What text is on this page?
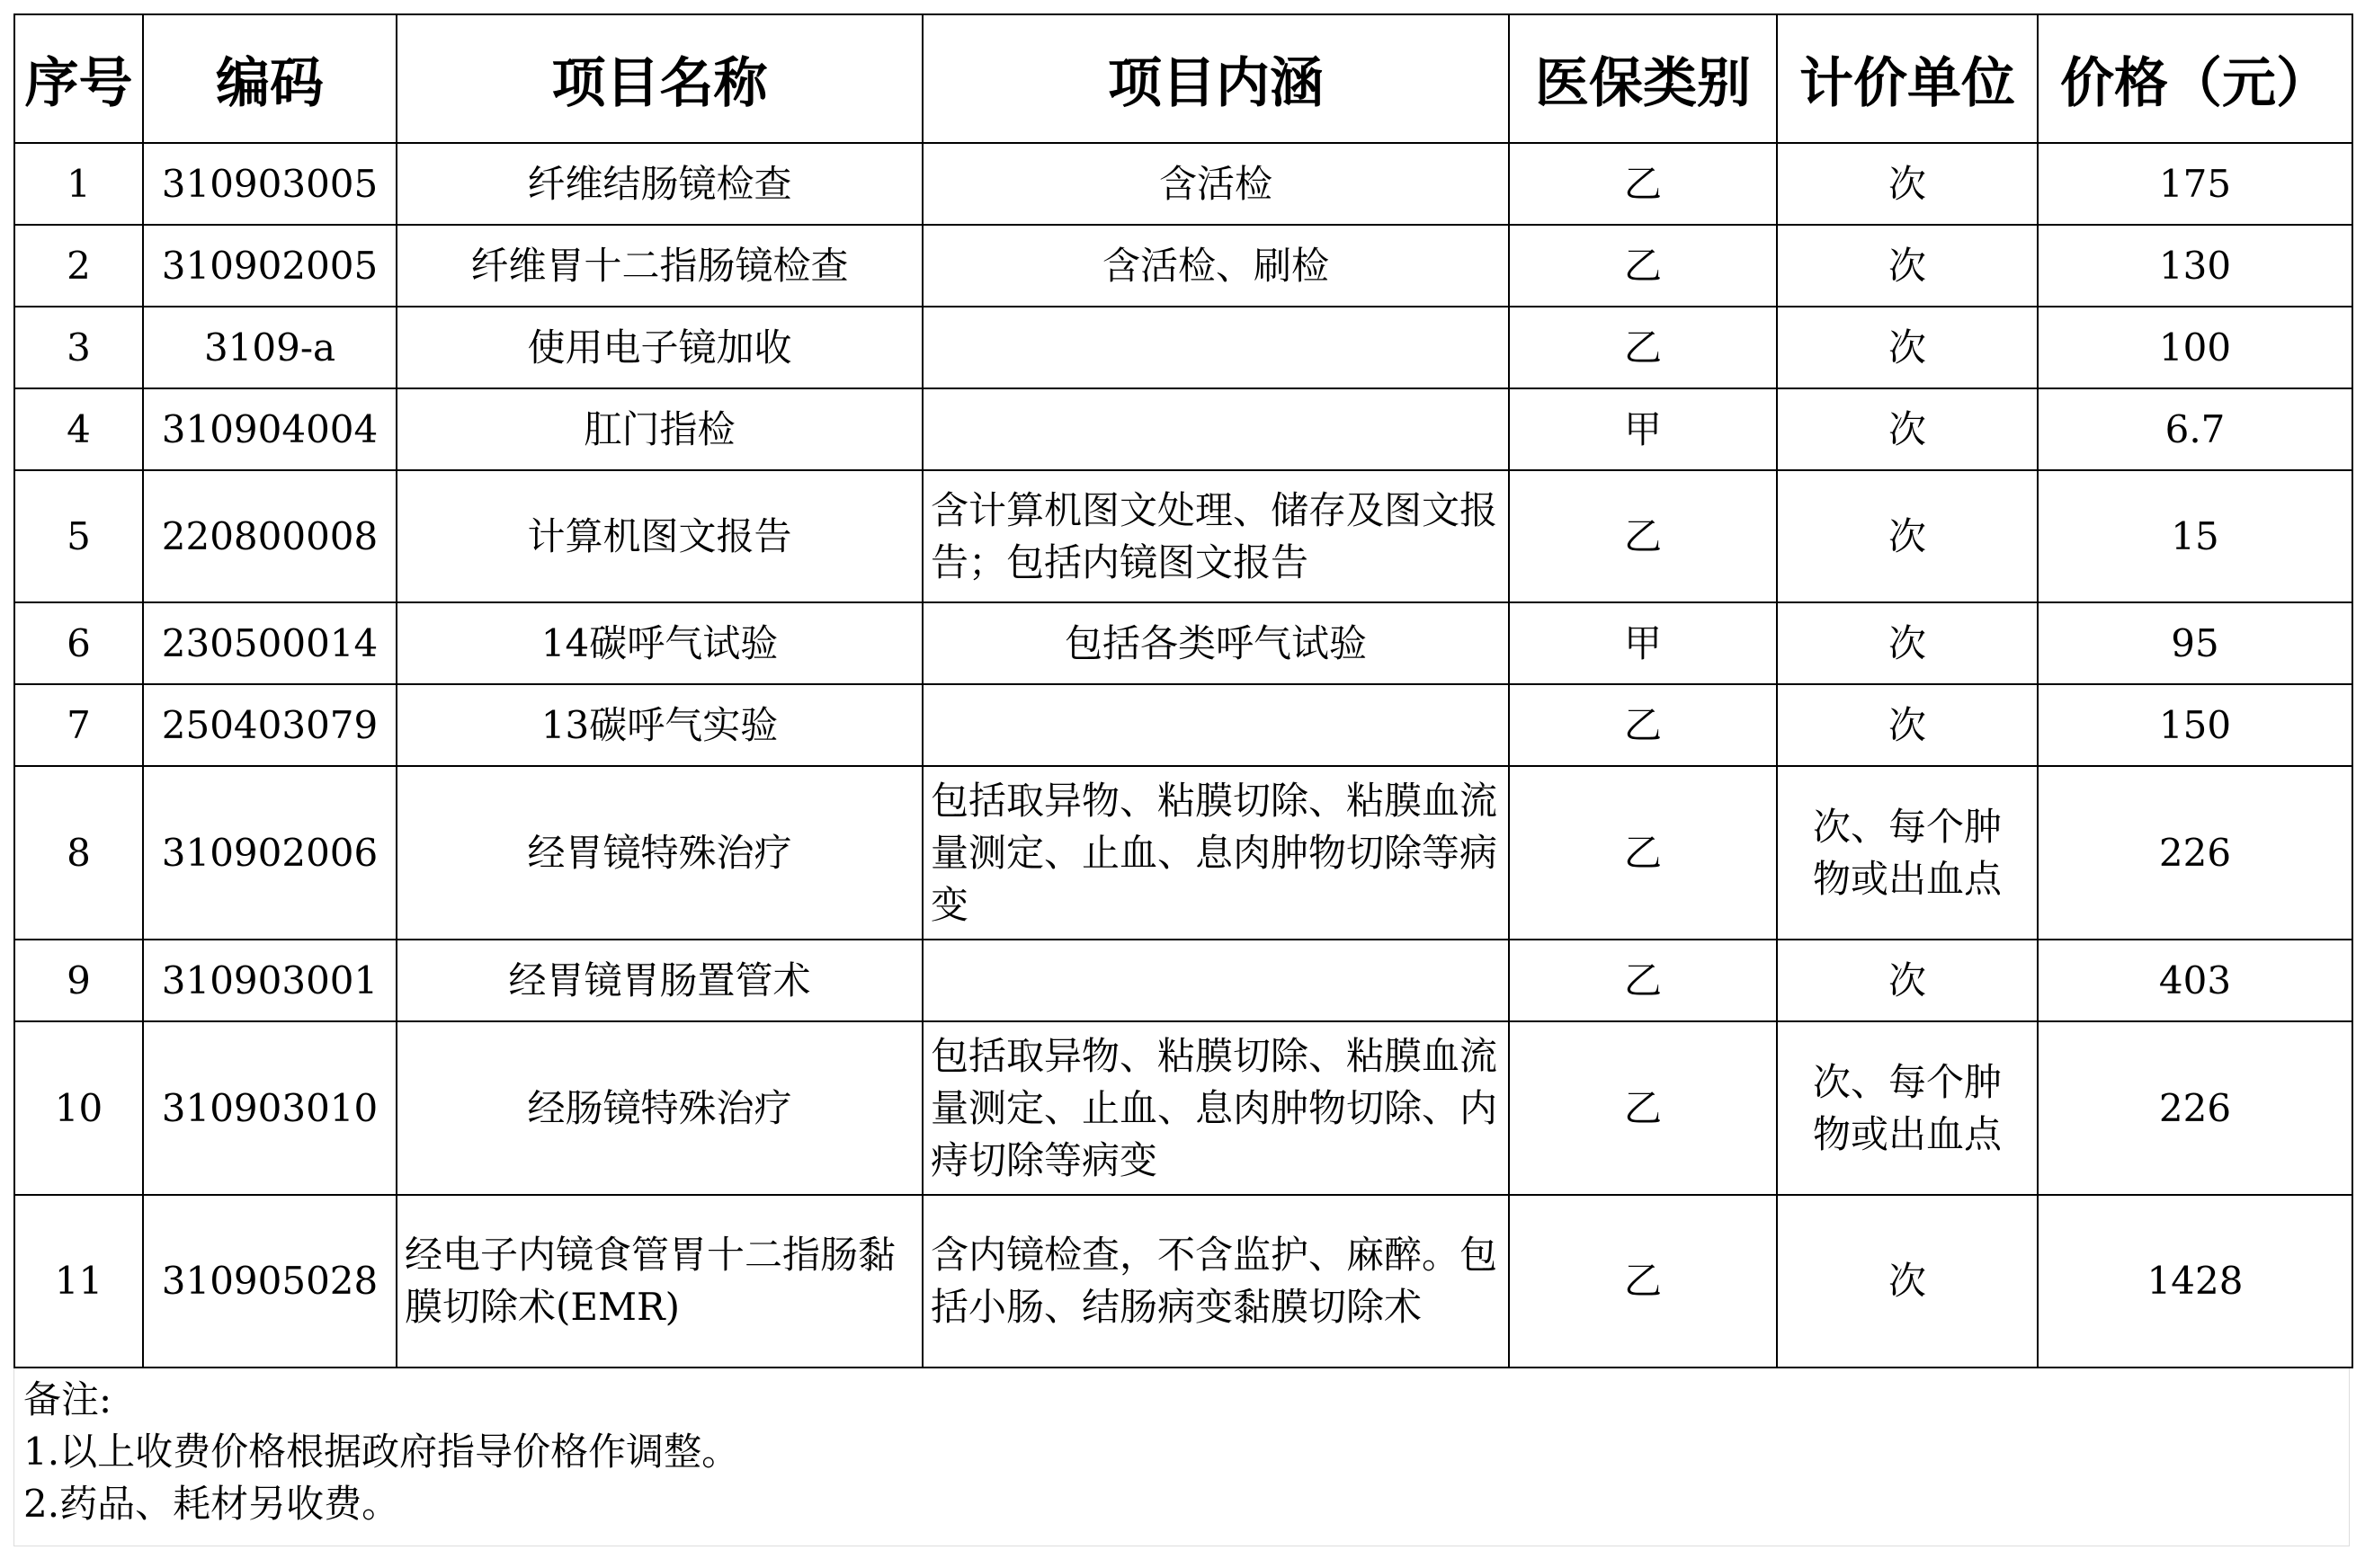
序号	编码	项目名称	项目内涵	医保类别	计价单位	价格（元）
1	310903005	纤维结肠镜检查	含活检	乙	次	175
2	310902005	纤维胃十二指肠镜检查	含活检、刷检	乙	次	130
3	3109-a	使用电子镜加收		乙	次	100
4	310904004	肛门指检		甲	次	6.7
5	220800008	计算机图文报告	含计算机图文处理、储存及图文报告；包括内镜图文报告	乙	次	15
6	230500014	14碳呼气试验	包括各类呼气试验	甲	次	95
7	250403079	13碳呼气实验		乙	次	150
8	310902006	经胃镜特殊治疗	包括取异物、粘膜切除、粘膜血流量测定、止血、息肉肿物切除等病变	乙	次、每个肿物或出血点	226
9	310903001	经胃镜胃肠置管术		乙	次	403
10	310903010	经肠镜特殊治疗	包括取异物、粘膜切除、粘膜血流量测定、止血、息肉肿物切除、内痔切除等病变	乙	次、每个肿物或出血点	226
11	310905028	经电子内镜食管胃十二指肠黏膜切除术(EMR)	含内镜检查，不含监护、麻醉。包括小肠、结肠病变黏膜切除术	乙	次	1428
备注:
1.以上收费价格根据政府指导价格作调整。
2.药品、耗材另收费。
